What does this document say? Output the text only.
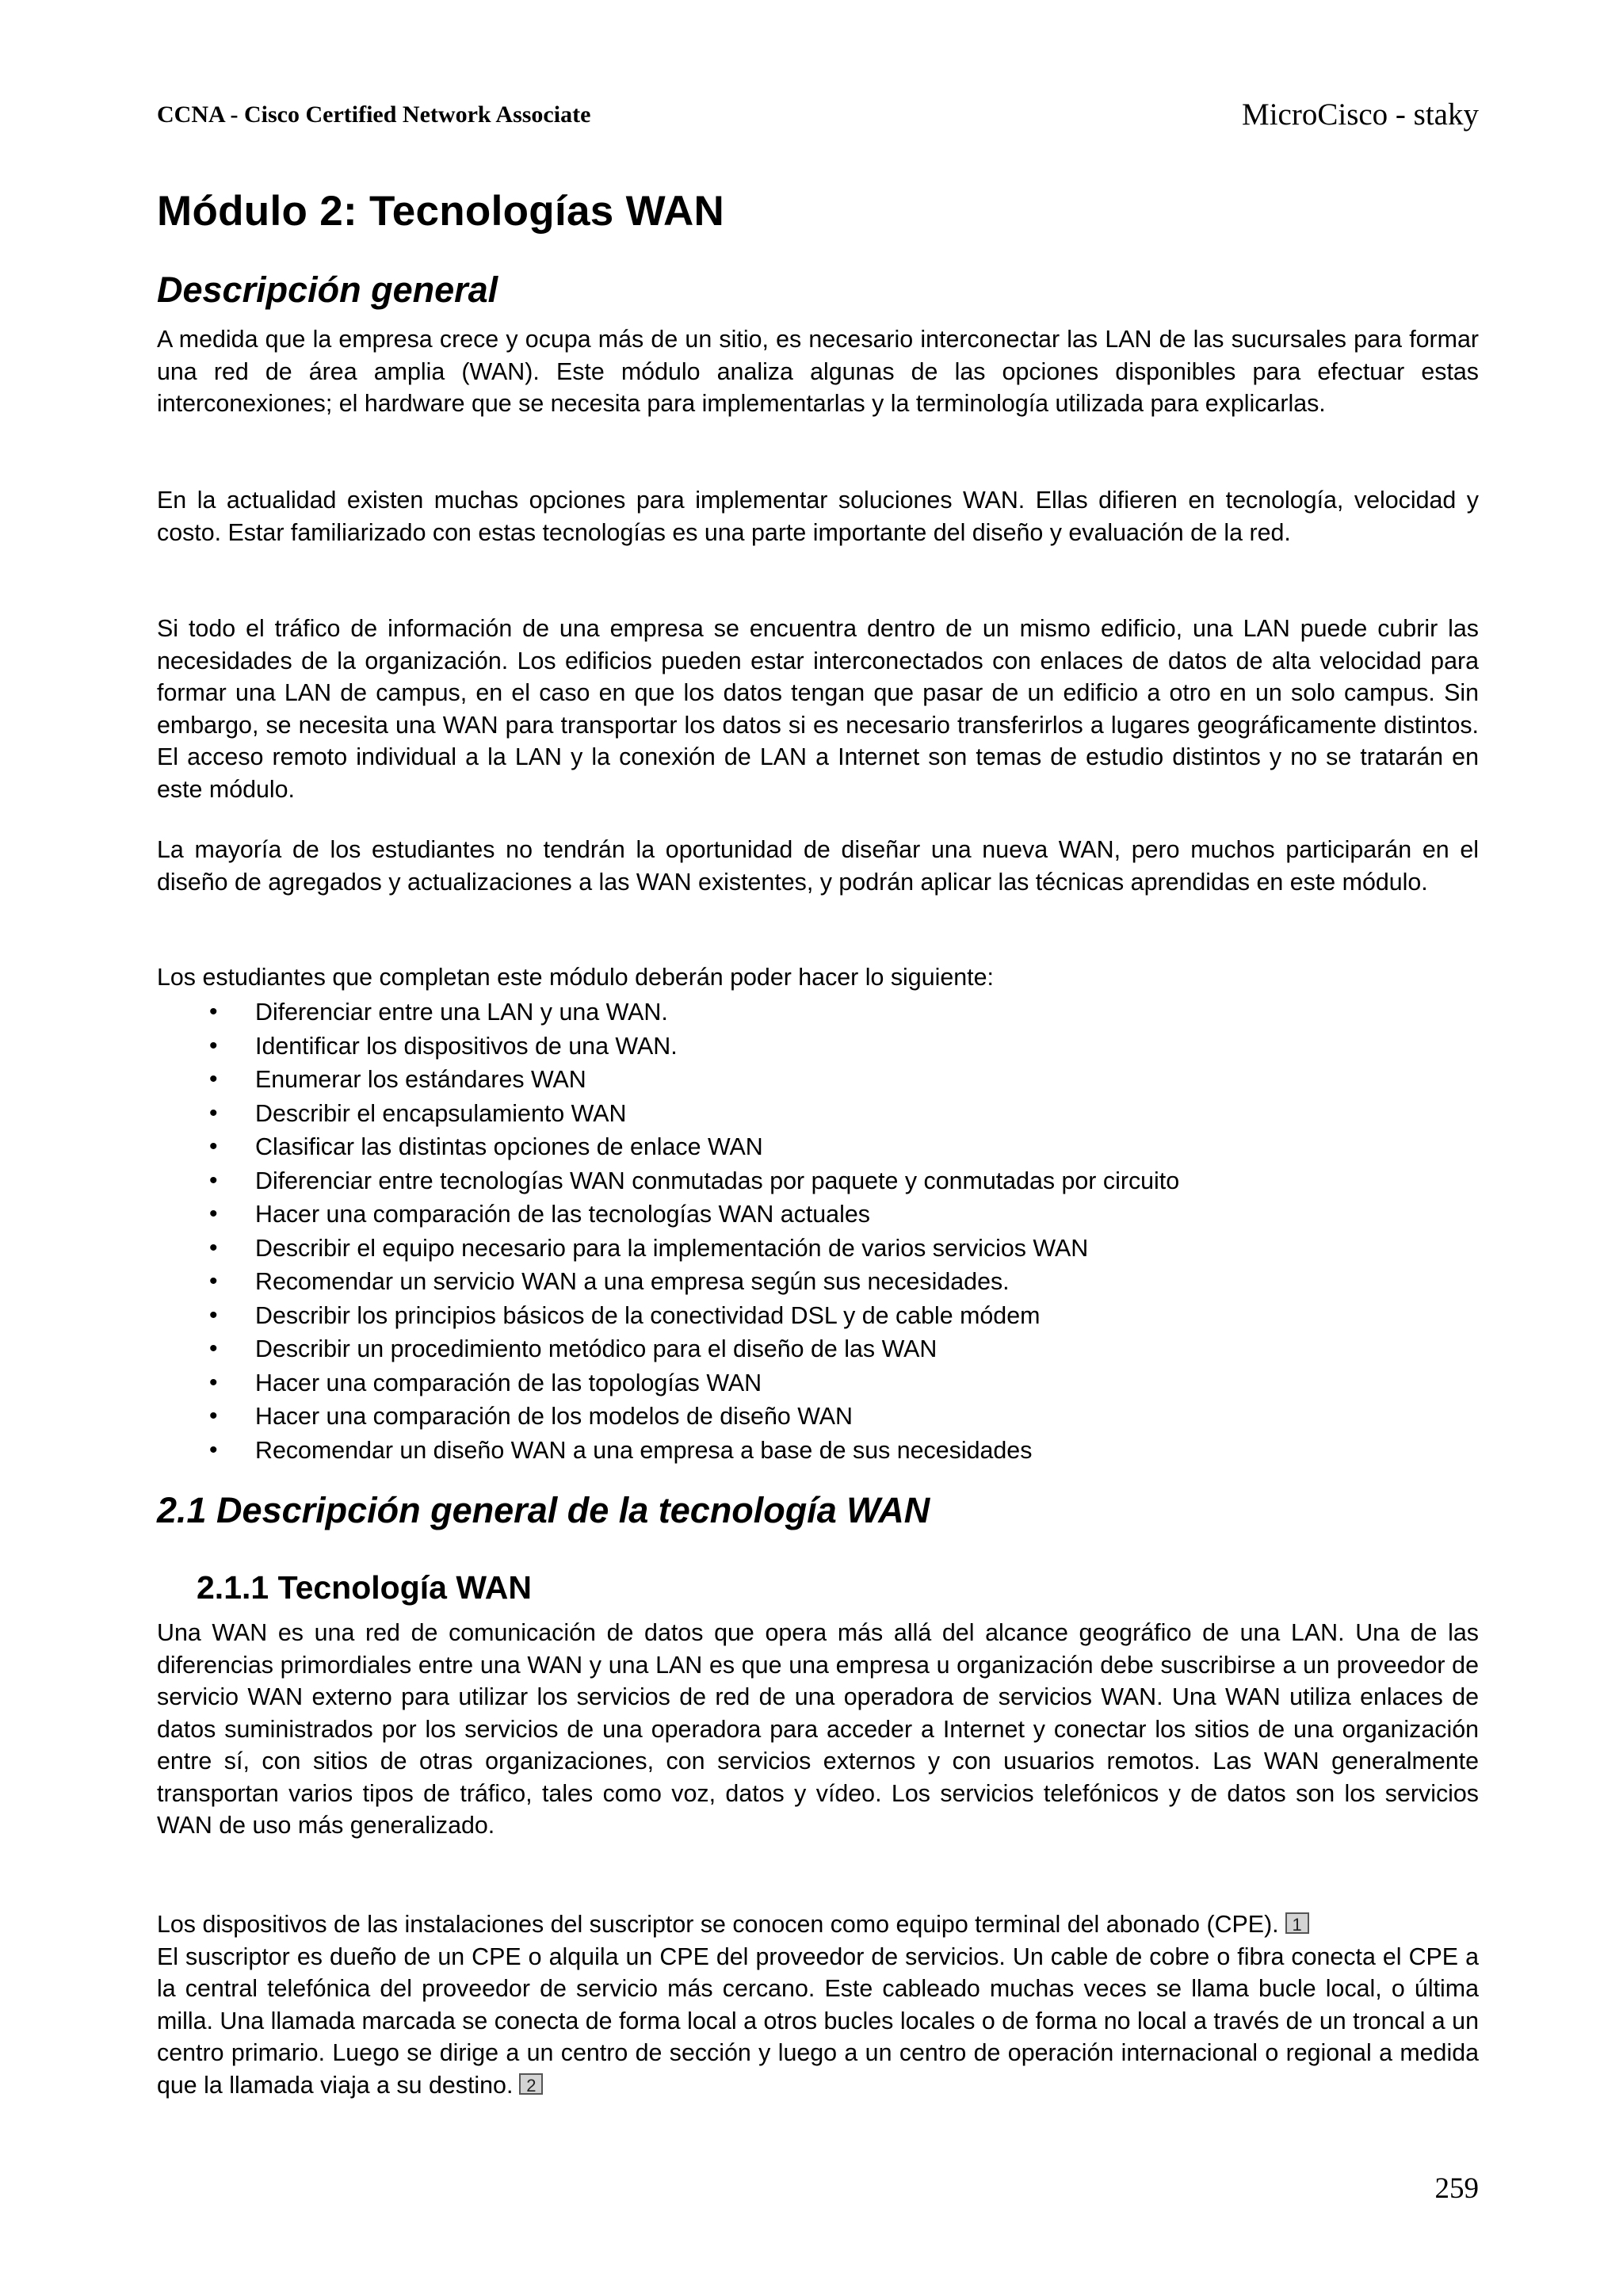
CCNA - Cisco Certified Network Associate	MicroCisco - staky
Módulo 2: Tecnologías WAN
Descripción general

A medida que la empresa crece y ocupa más de un sitio, es necesario interconectar las LAN de las sucursales para formar una red de área amplia (WAN). Este módulo analiza algunas de las opciones disponibles para efectuar estas interconexiones; el hardware que se necesita para implementarlas y la terminología utilizada para explicarlas.

En la actualidad existen muchas opciones para implementar soluciones WAN. Ellas difieren en tecnología, velocidad y costo. Estar familiarizado con estas tecnologías es una parte importante del diseño y evaluación de la red.

Si todo el tráfico de información de una empresa se encuentra dentro de un mismo edificio, una LAN puede cubrir las necesidades de la organización. Los edificios pueden estar interconectados con enlaces de datos de alta velocidad para formar una LAN de campus, en el caso en que los datos tengan que pasar de un edificio a otro en un solo campus. Sin embargo, se necesita una WAN para transportar los datos si es necesario transferirlos a lugares geográficamente distintos. El acceso remoto individual a la LAN y la conexión de LAN a Internet son temas de estudio distintos y no se tratarán en este módulo.

La mayoría de los estudiantes no tendrán la oportunidad de diseñar una nueva WAN, pero muchos participarán en el diseño de agregados y actualizaciones a las WAN existentes, y podrán aplicar las técnicas aprendidas en este módulo.

Los estudiantes que completan este módulo deberán poder hacer lo siguiente:

• Diferenciar entre una LAN y una WAN.
• Identificar los dispositivos de una WAN.
• Enumerar los estándares WAN
• Describir el encapsulamiento WAN
• Clasificar las distintas opciones de enlace WAN
• Diferenciar entre tecnologías WAN conmutadas por paquete y conmutadas por circuito
• Hacer una comparación de las tecnologías WAN actuales
• Describir el equipo necesario para la implementación de varios servicios WAN
• Recomendar un servicio WAN a una empresa según sus necesidades.
• Describir los principios básicos de la conectividad DSL y de cable módem
• Describir un procedimiento metódico para el diseño de las WAN
• Hacer una comparación de las topologías WAN
• Hacer una comparación de los modelos de diseño WAN
• Recomendar un diseño WAN a una empresa a base de sus necesidades
2.1 Descripción general de la tecnología WAN
2.1.1 Tecnología WAN

Una WAN es una red de comunicación de datos que opera más allá del alcance geográfico de una LAN. Una de las diferencias primordiales entre una WAN y una LAN es que una empresa u organización debe suscribirse a un proveedor de servicio WAN externo para utilizar los servicios de red de una operadora de servicios WAN. Una WAN utiliza enlaces de datos suministrados por los servicios de una operadora para acceder a Internet y conectar los sitios de una organización entre sí, con sitios de otras organizaciones, con servicios externos y con usuarios remotos. Las WAN generalmente transportan varios tipos de tráfico, tales como voz, datos y vídeo. Los servicios telefónicos y de datos son los servicios WAN de uso más generalizado.

Los dispositivos de las instalaciones del suscriptor se conocen como equipo terminal del abonado (CPE). 1
El suscriptor es dueño de un CPE o alquila un CPE del proveedor de servicios. Un cable de cobre o fibra conecta el CPE a la central telefónica del proveedor de servicio más cercano. Este cableado muchas veces se llama bucle local, o última milla. Una llamada marcada se conecta de forma local a otros bucles locales o de forma no local a través de un troncal a un centro primario. Luego se dirige a un centro de sección y luego a un centro de operación internacional o regional a medida que la llamada viaja a su destino. 2

259
